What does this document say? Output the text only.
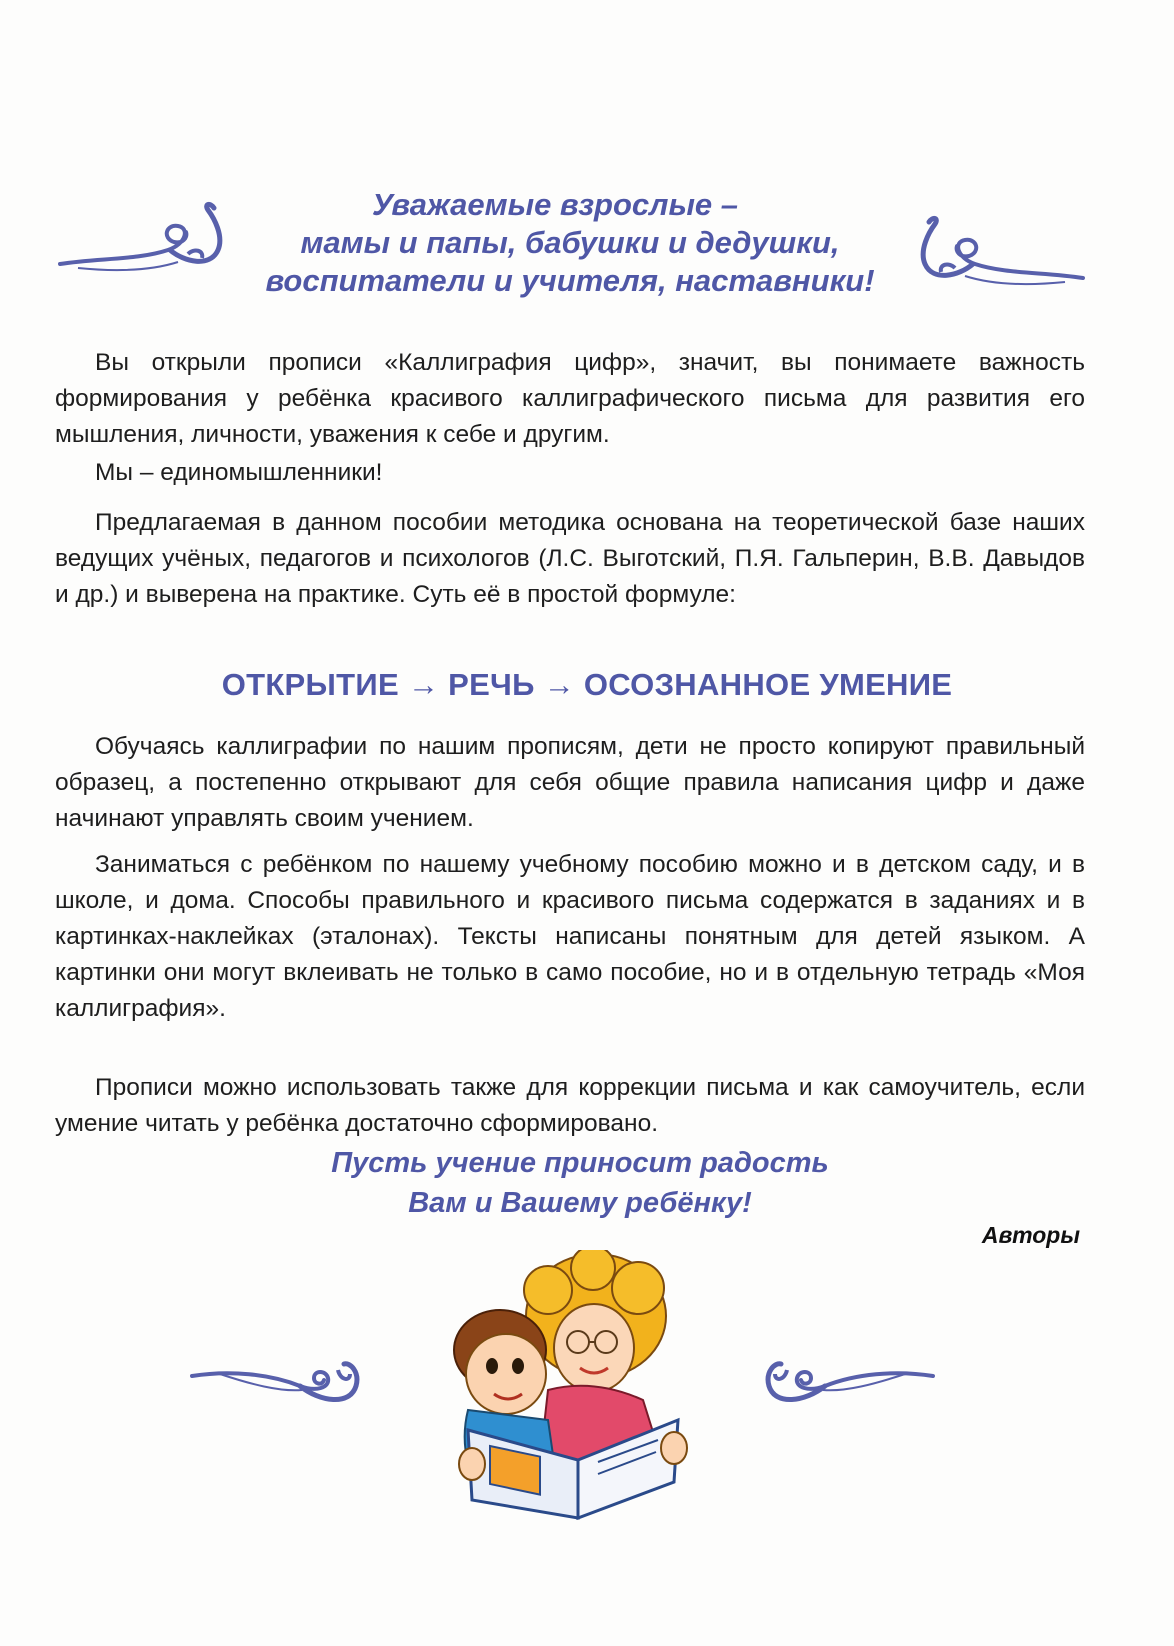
Уважаемые взрослые –
мамы и папы, бабушки и дедушки,
воспитатели и учителя, наставники!

Вы открыли прописи «Каллиграфия цифр», значит, вы понимаете важность формирования у ребёнка красивого каллиграфического письма для развития его мышления, личности, уважения к себе и другим.

Мы – единомышленники!

Предлагаемая в данном пособии методика основана на теоретической базе наших ведущих учёных, педагогов и психологов (Л.С. Выготский, П.Я. Гальперин, В.В. Давыдов и др.) и выверена на практике. Суть её в простой формуле:

ОТКРЫТИЕ → РЕЧЬ → ОСОЗНАННОЕ УМЕНИЕ

Обучаясь каллиграфии по нашим прописям, дети не просто копируют правильный образец, а постепенно открывают для себя общие правила написания цифр и даже начинают управлять своим учением.

Заниматься с ребёнком по нашему учебному пособию можно и в детском саду, и в школе, и дома. Способы правильного и красивого письма содержатся в заданиях и в картинках-наклейках (эталонах). Тексты написаны понятным для детей языком. А картинки они могут вклеивать не только в само пособие, но и в отдельную тетрадь «Моя каллиграфия».

Прописи можно использовать также для коррекции письма и как самоучитель, если умение читать у ребёнка достаточно сформировано.

Пусть учение приносит радость
Вам и Вашему ребёнку!
Авторы
